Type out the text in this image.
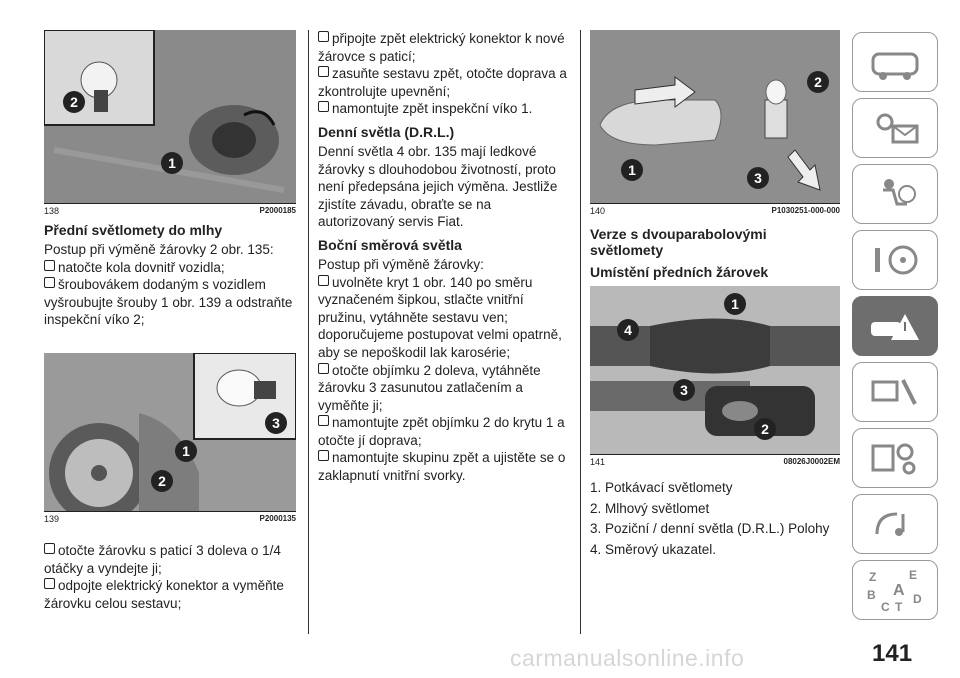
2
1
138	P2000185
Přední světlomety do mlhy

Postup při výměně žárovky 2 obr. 135:

natočte kola dovnitř vozidla;

šroubovákem dodaným s vozidlem vyšroubujte šrouby 1 obr. 139 a odstraňte inspekční víko 2;

3
1
2
139	P2000135

otočte žárovku s paticí 3 doleva o 1/4 otáčky a vyndejte ji;

odpojte elektrický konektor a vyměňte žárovku celou sestavu;

připojte zpět elektrický konektor k nové žárovce s paticí;

zasuňte sestavu zpět, otočte doprava a zkontrolujte upevnění;

namontujte zpět inspekční víko 1.

Denní světla (D.R.L.)

Denní světla 4 obr. 135 mají ledkové žárovky s dlouhodobou životností, proto není předepsána jejich výměna. Jestliže zjistíte závadu, obraťte se na autorizovaný servis Fiat.

Boční směrová světla

Postup při výměně žárovky:

uvolněte kryt 1 obr. 140 po směru vyznačeném šipkou, stlačte vnitřní pružinu, vytáhněte sestavu ven; doporučujeme postupovat velmi opatrně, aby se nepoškodil lak karosérie;

otočte objímku 2 doleva, vytáhněte žárovku 3 zasunutou zatlačením a vyměňte ji;

namontujte zpět objímku 2 do krytu 1 a otočte jí doprava;

namontujte skupinu zpět a ujistěte se o zaklapnutí vnitřní svorky.

2
1	3
140	P1030251-000-000
Verze s dvouparabolovými světlomety
Umístění předních žárovek
1
4
3
2
141	08026J0002EM

1. Potkávací světlomety

2. Mlhový světlomet

3. Poziční / denní světla (D.R.L.) Polohy

4. Směrový ukazatel.

Z	E
B A
C T
D
carmanualsonline.info	141
